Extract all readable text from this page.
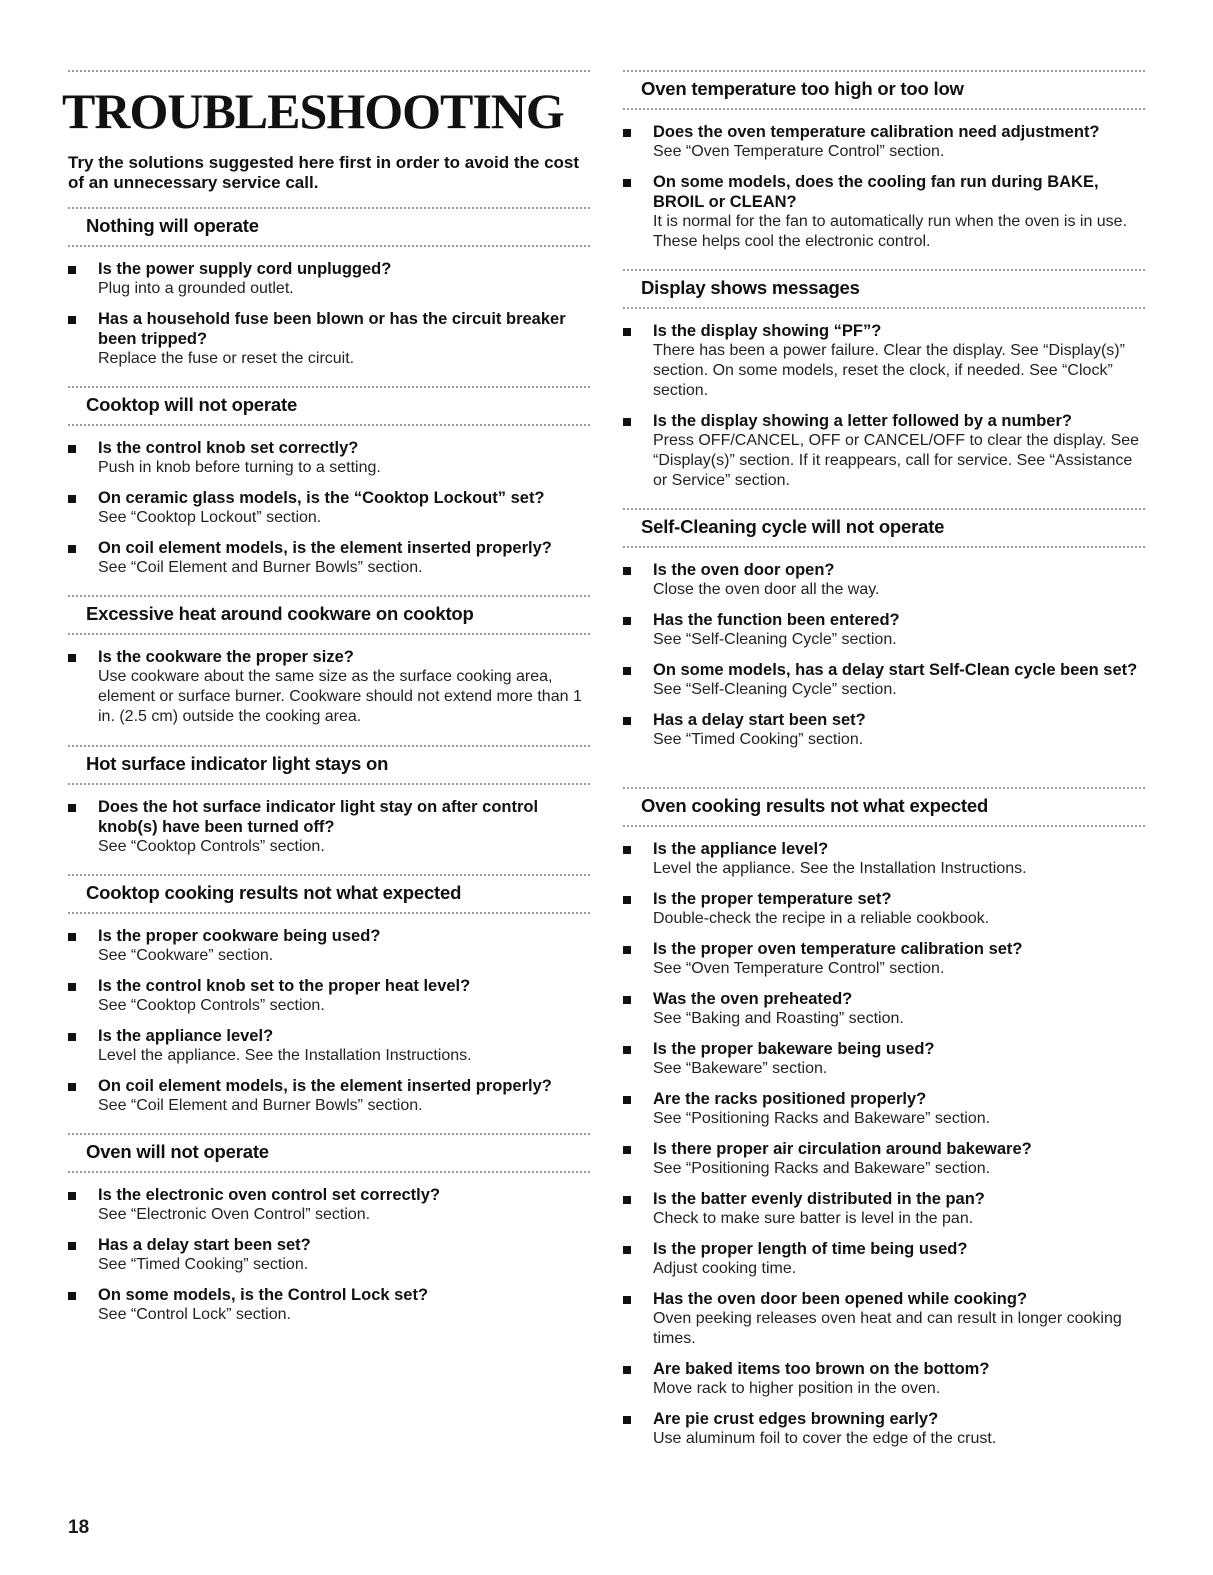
TROUBLESHOOTING
Try the solutions suggested here first in order to avoid the cost of an unnecessary service call.
Nothing will operate
Is the power supply cord unplugged?
Plug into a grounded outlet.
Has a household fuse been blown or has the circuit breaker been tripped?
Replace the fuse or reset the circuit.
Cooktop will not operate
Is the control knob set correctly?
Push in knob before turning to a setting.
On ceramic glass models, is the “Cooktop Lockout” set?
See “Cooktop Lockout” section.
On coil element models, is the element inserted properly?
See “Coil Element and Burner Bowls” section.
Excessive heat around cookware on cooktop
Is the cookware the proper size?
Use cookware about the same size as the surface cooking area, element or surface burner. Cookware should not extend more than 1 in. (2.5 cm) outside the cooking area.
Hot surface indicator light stays on
Does the hot surface indicator light stay on after control knob(s) have been turned off?
See “Cooktop Controls” section.
Cooktop cooking results not what expected
Is the proper cookware being used?
See “Cookware” section.
Is the control knob set to the proper heat level?
See “Cooktop Controls” section.
Is the appliance level?
Level the appliance. See the Installation Instructions.
On coil element models, is the element inserted properly?
See “Coil Element and Burner Bowls” section.
Oven will not operate
Is the electronic oven control set correctly?
See “Electronic Oven Control” section.
Has a delay start been set?
See “Timed Cooking” section.
On some models, is the Control Lock set?
See “Control Lock” section.
Oven temperature too high or too low
Does the oven temperature calibration need adjustment?
See “Oven Temperature Control” section.
On some models, does the cooling fan run during BAKE, BROIL or CLEAN?
It is normal for the fan to automatically run when the oven is in use. These helps cool the electronic control.
Display shows messages
Is the display showing “PF”?
There has been a power failure. Clear the display. See “Display(s)” section. On some models, reset the clock, if needed. See “Clock” section.
Is the display showing a letter followed by a number?
Press OFF/CANCEL, OFF or CANCEL/OFF to clear the display. See “Display(s)” section. If it reappears, call for service. See “Assistance or Service” section.
Self-Cleaning cycle will not operate
Is the oven door open?
Close the oven door all the way.
Has the function been entered?
See “Self-Cleaning Cycle” section.
On some models, has a delay start Self-Clean cycle been set?
See “Self-Cleaning Cycle” section.
Has a delay start been set?
See “Timed Cooking” section.
Oven cooking results not what expected
Is the appliance level?
Level the appliance. See the Installation Instructions.
Is the proper temperature set?
Double-check the recipe in a reliable cookbook.
Is the proper oven temperature calibration set?
See “Oven Temperature Control” section.
Was the oven preheated?
See “Baking and Roasting” section.
Is the proper bakeware being used?
See “Bakeware” section.
Are the racks positioned properly?
See “Positioning Racks and Bakeware” section.
Is there proper air circulation around bakeware?
See “Positioning Racks and Bakeware” section.
Is the batter evenly distributed in the pan?
Check to make sure batter is level in the pan.
Is the proper length of time being used?
Adjust cooking time.
Has the oven door been opened while cooking?
Oven peeking releases oven heat and can result in longer cooking times.
Are baked items too brown on the bottom?
Move rack to higher position in the oven.
Are pie crust edges browning early?
Use aluminum foil to cover the edge of the crust.
18
